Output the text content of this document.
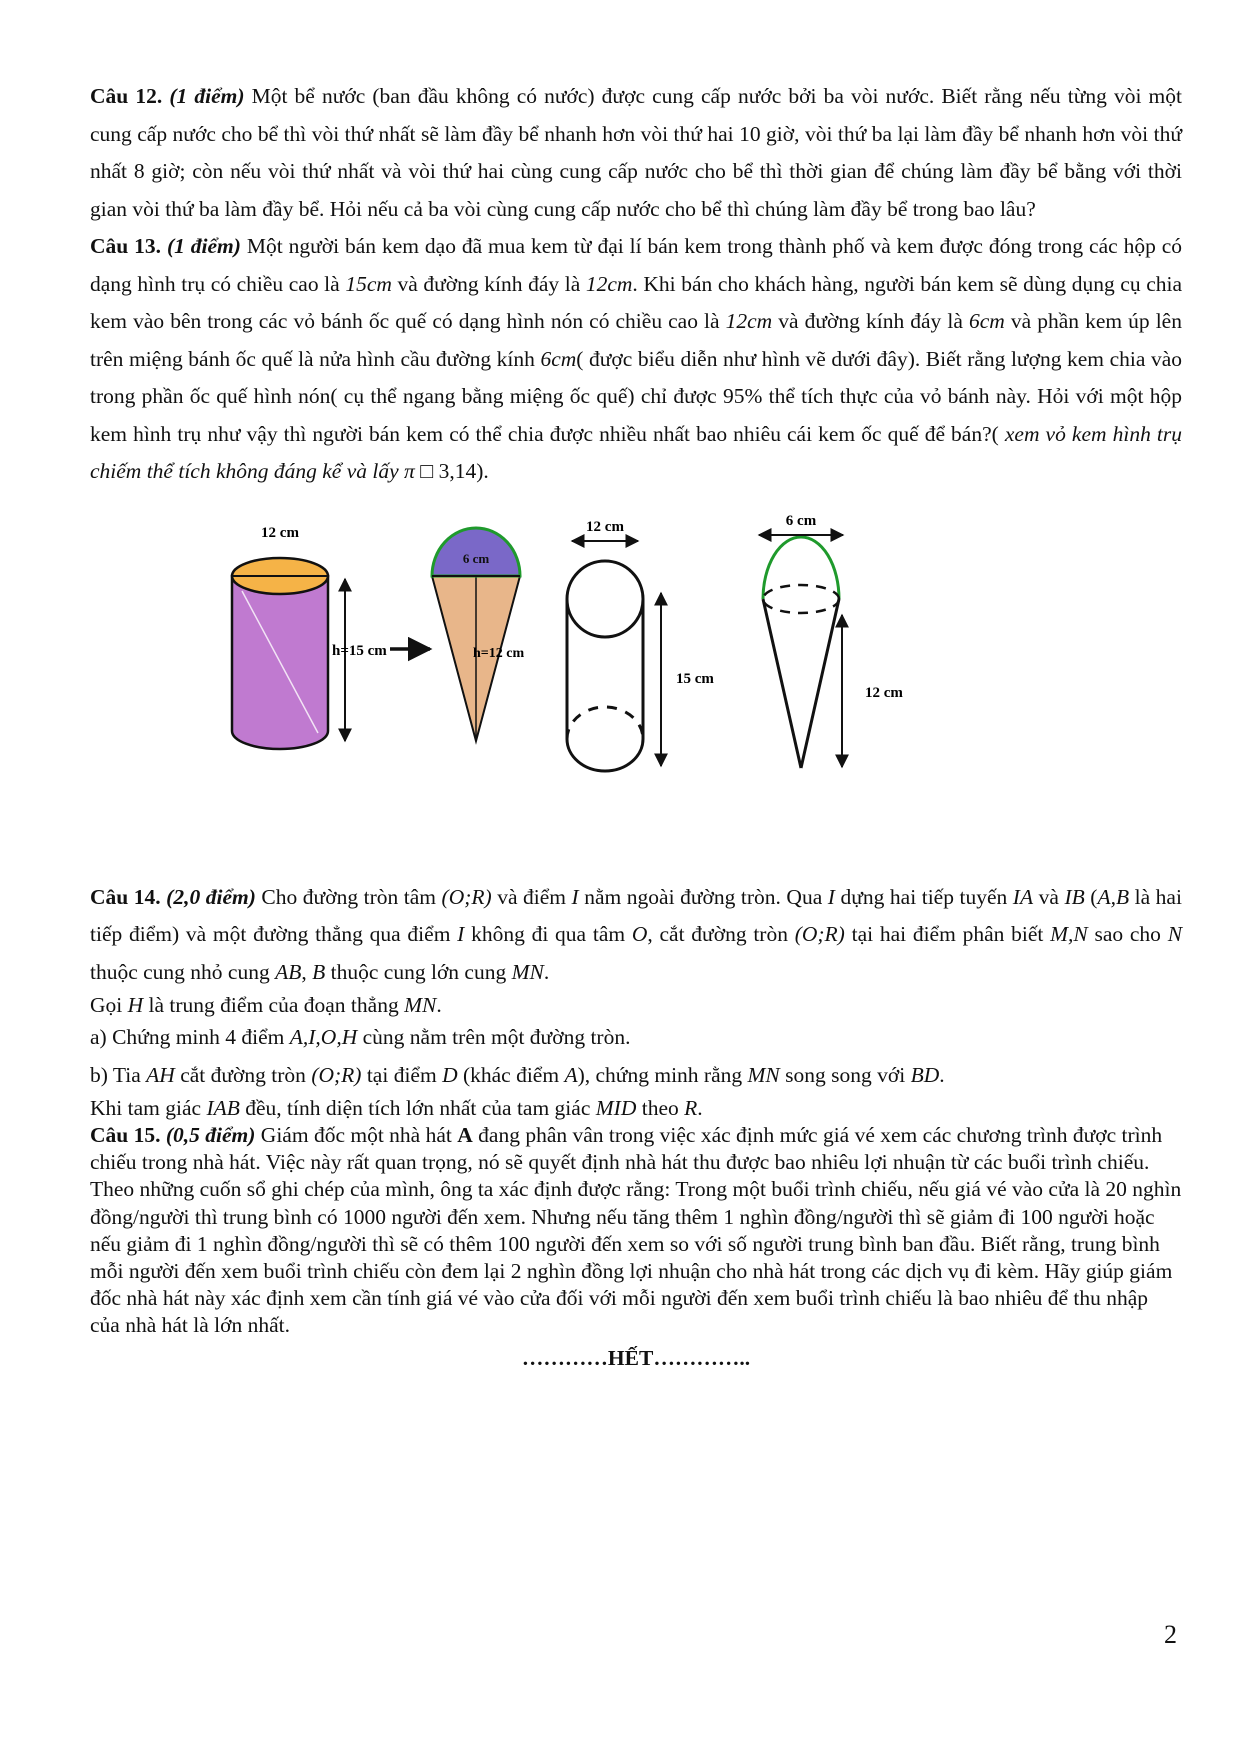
Câu 12. (1 điểm) Một bể nước (ban đầu không có nước) được cung cấp nước bởi ba vòi nước. Biết rằng nếu từng vòi một cung cấp nước cho bể thì vòi thứ nhất sẽ làm đầy bể nhanh hơn vòi thứ hai 10 giờ, vòi thứ ba lại làm đầy bể nhanh hơn vòi thứ nhất 8 giờ; còn nếu vòi thứ nhất và vòi thứ hai cùng cung cấp nước cho bể thì thời gian để chúng làm đầy bể bằng với thời gian vòi thứ ba làm đầy bể. Hỏi nếu cả ba vòi cùng cung cấp nước cho bể thì chúng làm đầy bể trong bao lâu?

Câu 13. (1 điểm) Một người bán kem dạo đã mua kem từ đại lí bán kem trong thành phố và kem được đóng trong các hộp có dạng hình trụ có chiều cao là 15cm và đường kính đáy là 12cm. Khi bán cho khách hàng, người bán kem sẽ dùng dụng cụ chia kem vào bên trong các vỏ bánh ốc quế có dạng hình nón có chiều cao là 12cm và đường kính đáy là 6cm và phần kem úp lên trên miệng bánh ốc quế là nửa hình cầu đường kính 6cm( được biểu diễn như hình vẽ dưới đây). Biết rằng lượng kem chia vào trong phần ốc quế hình nón( cụ thể ngang bằng miệng ốc quế) chỉ được 95% thể tích thực của vỏ bánh này. Hỏi với một hộp kem hình trụ như vậy thì người bán kem có thể chia được nhiều nhất bao nhiêu cái kem ốc quế để bán?( xem vỏ kem hình trụ chiếm thể tích không đáng kể và lấy π □ 3,14).

12 cm
h=15 cm
6 cm
h=12 cm
12 cm
15 cm
6 cm
12 cm

Câu 14. (2,0 điểm) Cho đường tròn tâm (O;R) và điểm I nằm ngoài đường tròn. Qua I dựng hai tiếp tuyến IA và IB (A,B là hai tiếp điểm) và một đường thẳng qua điểm I không đi qua tâm O, cắt đường tròn (O;R) tại hai điểm phân biết M,N sao cho N thuộc cung nhỏ cung AB, B thuộc cung lớn cung MN.

Gọi H là trung điểm của đoạn thẳng MN.

a) Chứng minh 4 điểm A,I,O,H cùng nằm trên một đường tròn.

b) Tia AH cắt đường tròn (O;R) tại điểm D (khác điểm A), chứng minh rằng MN song song với BD.

Khi tam giác IAB đều, tính diện tích lớn nhất của tam giác MID theo R.

Câu 15. (0,5 điểm) Giám đốc một nhà hát A đang phân vân trong việc xác định mức giá vé xem các chương trình được trình chiếu trong nhà hát. Việc này rất quan trọng, nó sẽ quyết định nhà hát thu được bao nhiêu lợi nhuận từ các buổi trình chiếu. Theo những cuốn sổ ghi chép của mình, ông ta xác định được rằng: Trong một buổi trình chiếu, nếu giá vé vào cửa là 20 nghìn đồng/người thì trung bình có 1000 người đến xem. Nhưng nếu tăng thêm 1 nghìn đồng/người thì sẽ giảm đi 100 người hoặc nếu giảm đi 1 nghìn đồng/người thì sẽ có thêm 100 người đến xem so với số người trung bình ban đầu. Biết rằng, trung bình mỗi người đến xem buổi trình chiếu còn đem lại 2 nghìn đồng lợi nhuận cho nhà hát trong các dịch vụ đi kèm. Hãy giúp giám đốc nhà hát này xác định xem cần tính giá vé vào cửa đối với mỗi người đến xem buổi trình chiếu là bao nhiêu để thu nhập của nhà hát là lớn nhất.

…………HẾT…………..
2
